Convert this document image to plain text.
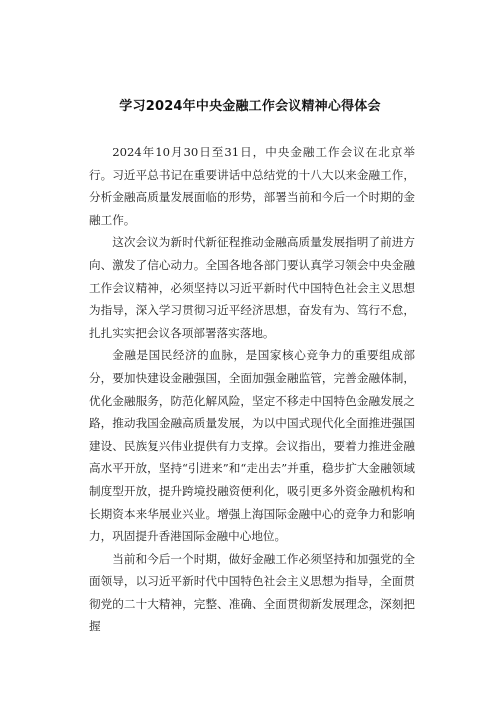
学习2024年中央金融工作会议精神心得体会

2024年10月30日至31日，中央金融工作会议在北京举行。习近平总书记在重要讲话中总结党的十八大以来金融工作，分析金融高质量发展面临的形势，部署当前和今后一个时期的金融工作。

这次会议为新时代新征程推动金融高质量发展指明了前进方向、激发了信心动力。全国各地各部门要认真学习领会中央金融工作会议精神，必须坚持以习近平新时代中国特色社会主义思想为指导，深入学习贯彻习近平经济思想，奋发有为、笃行不怠，扎扎实实把会议各项部署落实落地。

金融是国民经济的血脉，是国家核心竞争力的重要组成部分，要加快建设金融强国，全面加强金融监管，完善金融体制，优化金融服务，防范化解风险，坚定不移走中国特色金融发展之路，推动我国金融高质量发展，为以中国式现代化全面推进强国建设、民族复兴伟业提供有力支撑。会议指出，要着力推进金融高水平开放，坚持“引进来”和“走出去”并重，稳步扩大金融领域制度型开放，提升跨境投融资便利化，吸引更多外资金融机构和长期资本来华展业兴业。增强上海国际金融中心的竞争力和影响力，巩固提升香港国际金融中心地位。

当前和今后一个时期，做好金融工作必须坚持和加强党的全面领导，以习近平新时代中国特色社会主义思想为指导，全面贯彻党的二十大精神，完整、准确、全面贯彻新发展理念，深刻把握
